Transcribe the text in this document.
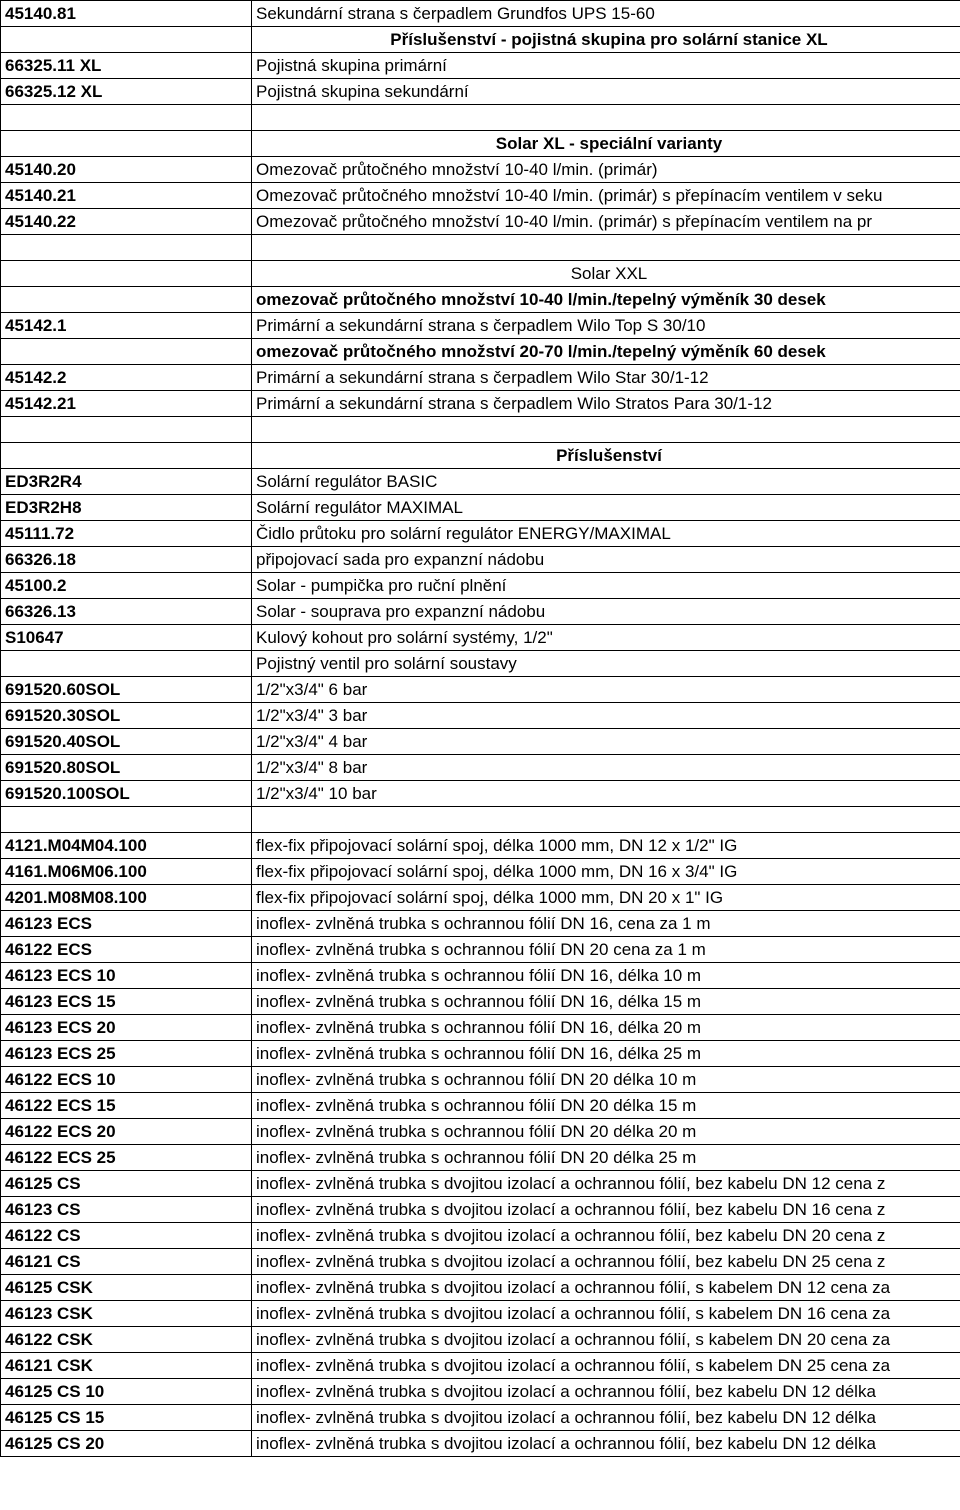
45140.81	Sekundární strana s čerpadlem Grundfos UPS 15-60
	Příslušenství - pojistná skupina pro solární stanice XL
66325.11 XL	Pojistná skupina primární
66325.12 XL	Pojistná skupina sekundární

	Solar XL - speciální varianty
45140.20	Omezovač průtočného množství 10-40 l/min. (primár)
45140.21	Omezovač průtočného množství 10-40 l/min. (primár) s přepínacím ventilem v seku
45140.22	Omezovač průtočného množství 10-40 l/min. (primár) s přepínacím ventilem na pr

	Solar XXL
	omezovač průtočného množství 10-40 l/min./tepelný výměník 30 desek
45142.1	Primární a sekundární strana s čerpadlem Wilo Top S 30/10
	omezovač průtočného množství 20-70 l/min./tepelný výměník 60 desek
45142.2	Primární a sekundární strana s čerpadlem Wilo Star 30/1-12
45142.21	Primární a sekundární strana s čerpadlem Wilo Stratos Para 30/1-12

	Příslušenství
ED3R2R4	Solární regulátor BASIC
ED3R2H8	Solární regulátor MAXIMAL
45111.72	Čidlo průtoku pro solární regulátor ENERGY/MAXIMAL
66326.18	připojovací sada pro expanzní nádobu
45100.2	Solar - pumpička pro ruční plnění
66326.13	Solar - souprava pro expanzní nádobu
S10647	Kulový kohout pro solární systémy, 1/2"
	Pojistný ventil pro solární soustavy
691520.60SOL	1/2"x3/4" 6 bar
691520.30SOL	1/2"x3/4" 3 bar
691520.40SOL	1/2"x3/4" 4 bar
691520.80SOL	1/2"x3/4" 8 bar
691520.100SOL	1/2"x3/4" 10 bar

4121.M04M04.100	flex-fix připojovací solární spoj, délka 1000 mm, DN 12 x 1/2" IG
4161.M06M06.100	flex-fix připojovací solární spoj, délka 1000 mm, DN 16 x 3/4" IG
4201.M08M08.100	flex-fix připojovací solární spoj, délka 1000 mm, DN 20 x 1" IG
46123 ECS	inoflex- zvlněná trubka s ochrannou fólií DN 16, cena za 1 m
46122 ECS	inoflex- zvlněná trubka s ochrannou fólií DN 20 cena za 1 m
46123 ECS 10	inoflex- zvlněná trubka s ochrannou fólií DN 16, délka 10 m
46123 ECS 15	inoflex- zvlněná trubka s ochrannou fólií DN 16, délka 15 m
46123 ECS 20	inoflex- zvlněná trubka s ochrannou fólií DN 16, délka 20 m
46123 ECS 25	inoflex- zvlněná trubka s ochrannou fólií DN 16, délka 25 m
46122 ECS 10	inoflex- zvlněná trubka s ochrannou fólií DN 20 délka 10 m
46122 ECS 15	inoflex- zvlněná trubka s ochrannou fólií DN 20 délka 15 m
46122 ECS 20	inoflex- zvlněná trubka s ochrannou fólií DN 20 délka 20 m
46122 ECS 25	inoflex- zvlněná trubka s ochrannou fólií DN 20 délka 25 m
46125 CS	inoflex- zvlněná trubka s dvojitou izolací a ochrannou fólií, bez kabelu DN 12 cena z
46123 CS	inoflex- zvlněná trubka s dvojitou izolací a ochrannou fólií, bez kabelu DN 16 cena z
46122 CS	inoflex- zvlněná trubka s dvojitou izolací a ochrannou fólií, bez kabelu DN 20 cena z
46121 CS	inoflex- zvlněná trubka s dvojitou izolací a ochrannou fólií, bez kabelu DN 25 cena z
46125 CSK	inoflex- zvlněná trubka s dvojitou izolací a ochrannou fólií, s kabelem DN 12 cena za
46123 CSK	inoflex- zvlněná trubka s dvojitou izolací a ochrannou fólií, s kabelem DN 16 cena za
46122 CSK	inoflex- zvlněná trubka s dvojitou izolací a ochrannou fólií, s kabelem DN 20 cena za
46121 CSK	inoflex- zvlněná trubka s dvojitou izolací a ochrannou fólií, s kabelem DN 25 cena za
46125 CS 10	inoflex- zvlněná trubka s dvojitou izolací a ochrannou fólií, bez kabelu DN 12 délka
46125 CS 15	inoflex- zvlněná trubka s dvojitou izolací a ochrannou fólií, bez kabelu DN 12 délka
46125 CS 20	inoflex- zvlněná trubka s dvojitou izolací a ochrannou fólií, bez kabelu DN 12 délka
